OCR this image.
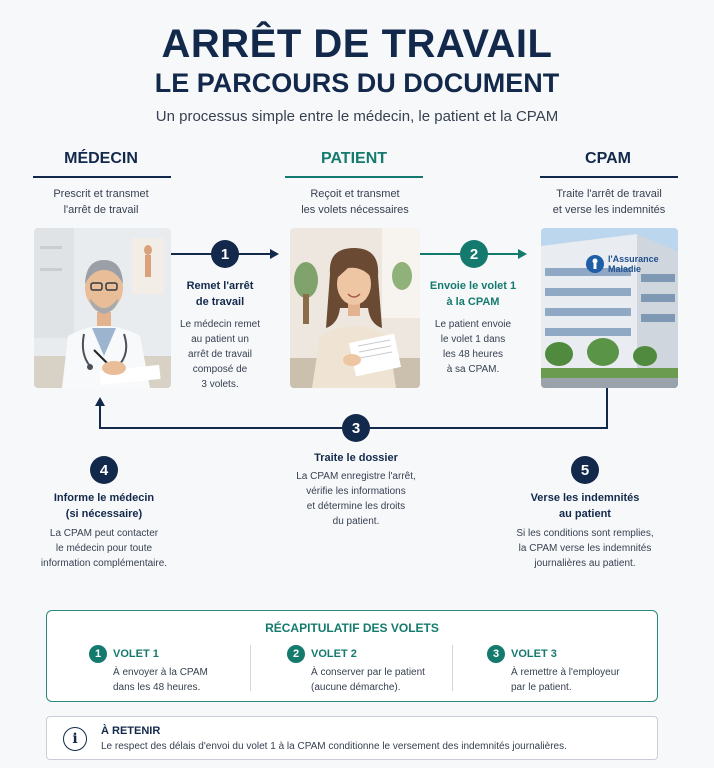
ARRÊT DE TRAVAIL
LE PARCOURS DU DOCUMENT
Un processus simple entre le médecin, le patient et la CPAM
MÉDECIN
Prescrit et transmet
l'arrêt de travail
PATIENT
Reçoit et transmet
les volets nécessaires
CPAM
Traite l'arrêt de travail
et verse les indemnités
l'Assurance
Maladie
1
Remet l'arrêt
de travail
Le médecin remet
au patient un
arrêt de travail
composé de
3 volets.
2
Envoie le volet 1
à la CPAM
Le patient envoie
le volet 1 dans
les 48 heures
à sa CPAM.
3
Traite le dossier
La CPAM enregistre l'arrêt,
vérifie les informations
et détermine les droits
du patient.
4
Informe le médecin
(si nécessaire)
La CPAM peut contacter
le médecin pour toute
information complémentaire.
5
Verse les indemnités
au patient
Si les conditions sont remplies,
la CPAM verse les indemnités
journalières au patient.
RÉCAPITULATIF DES VOLETS
1	VOLET 1
À envoyer à la CPAM
dans les 48 heures.
2	VOLET 2
À conserver par le patient
(aucune démarche).
3	VOLET 3
À remettre à l'employeur
par le patient.
i	À RETENIR
Le respect des délais d'envoi du volet 1 à la CPAM conditionne le versement des indemnités journalières.
